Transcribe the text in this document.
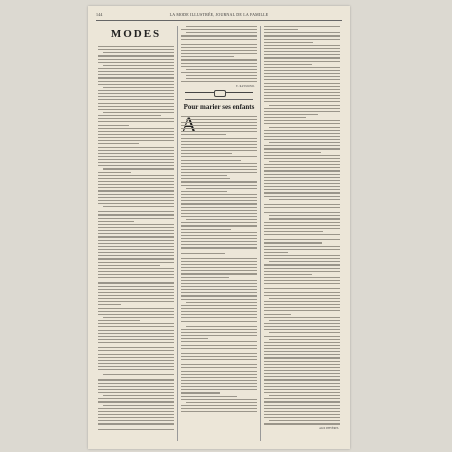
144	LA MODE ILLUSTRÉE, JOURNAL DE LA FAMILLE
MODES
E. RAYMOND.
Pour marier ses enfants
ALIX D'HYÈRES.
